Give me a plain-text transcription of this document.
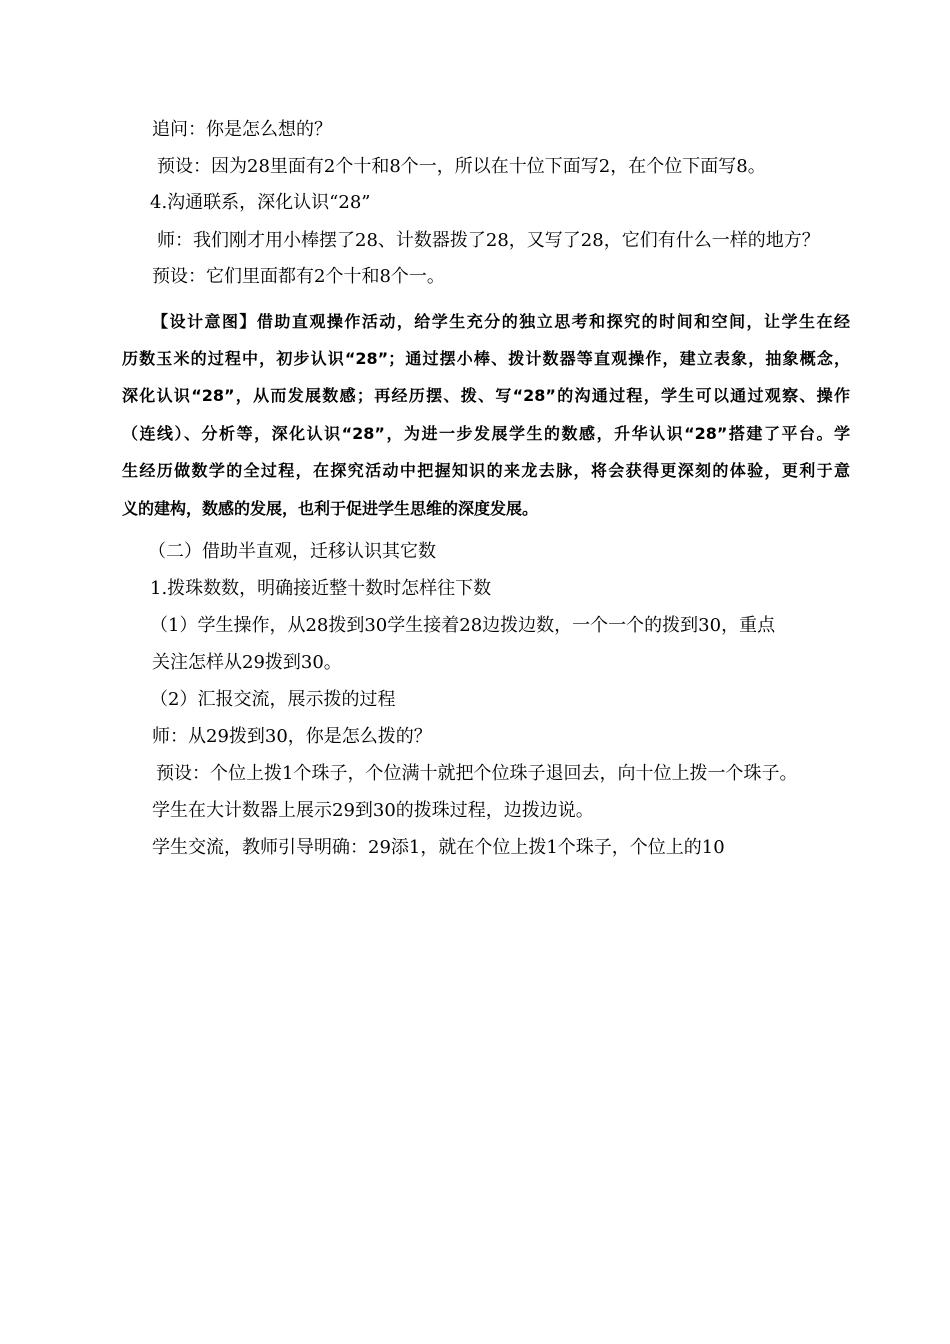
追问：你是怎么想的？
预设：因为28里面有2个十和8个一，所以在十位下面写2，在个位下面写8。
4.沟通联系，深化认识“28”
师：我们刚才用小棒摆了28、计数器拨了28，又写了28，它们有什么一样的地方？
预设：它们里面都有2个十和8个一。
【设计意图】借助直观操作活动，给学生充分的独立思考和探究的时间和空间，让学生在经
历数玉米的过程中，初步认识“28”；通过摆小棒、拨计数器等直观操作，建立表象，抽象概念，
深化认识“28”，从而发展数感；再经历摆、拨、写“28”的沟通过程，学生可以通过观察、操作
（连线）、分析等，深化认识“28”，为进一步发展学生的数感，升华认识“28”搭建了平台。学
生经历做数学的全过程，在探究活动中把握知识的来龙去脉，将会获得更深刻的体验，更利于意
义的建构，数感的发展，也利于促进学生思维的深度发展。
（二）借助半直观，迁移认识其它数
1.拨珠数数，明确接近整十数时怎样往下数
（1）学生操作，从28拨到30学生接着28边拨边数，一个一个的拨到30，重点
关注怎样从29拨到30。
（2）汇报交流，展示拨的过程
师：从29拨到30，你是怎么拨的？
预设：个位上拨1个珠子，个位满十就把个位珠子退回去，向十位上拨一个珠子。
学生在大计数器上展示29到30的拨珠过程，边拨边说。
学生交流，教师引导明确：29添1，就在个位上拨1个珠子，个位上的10
